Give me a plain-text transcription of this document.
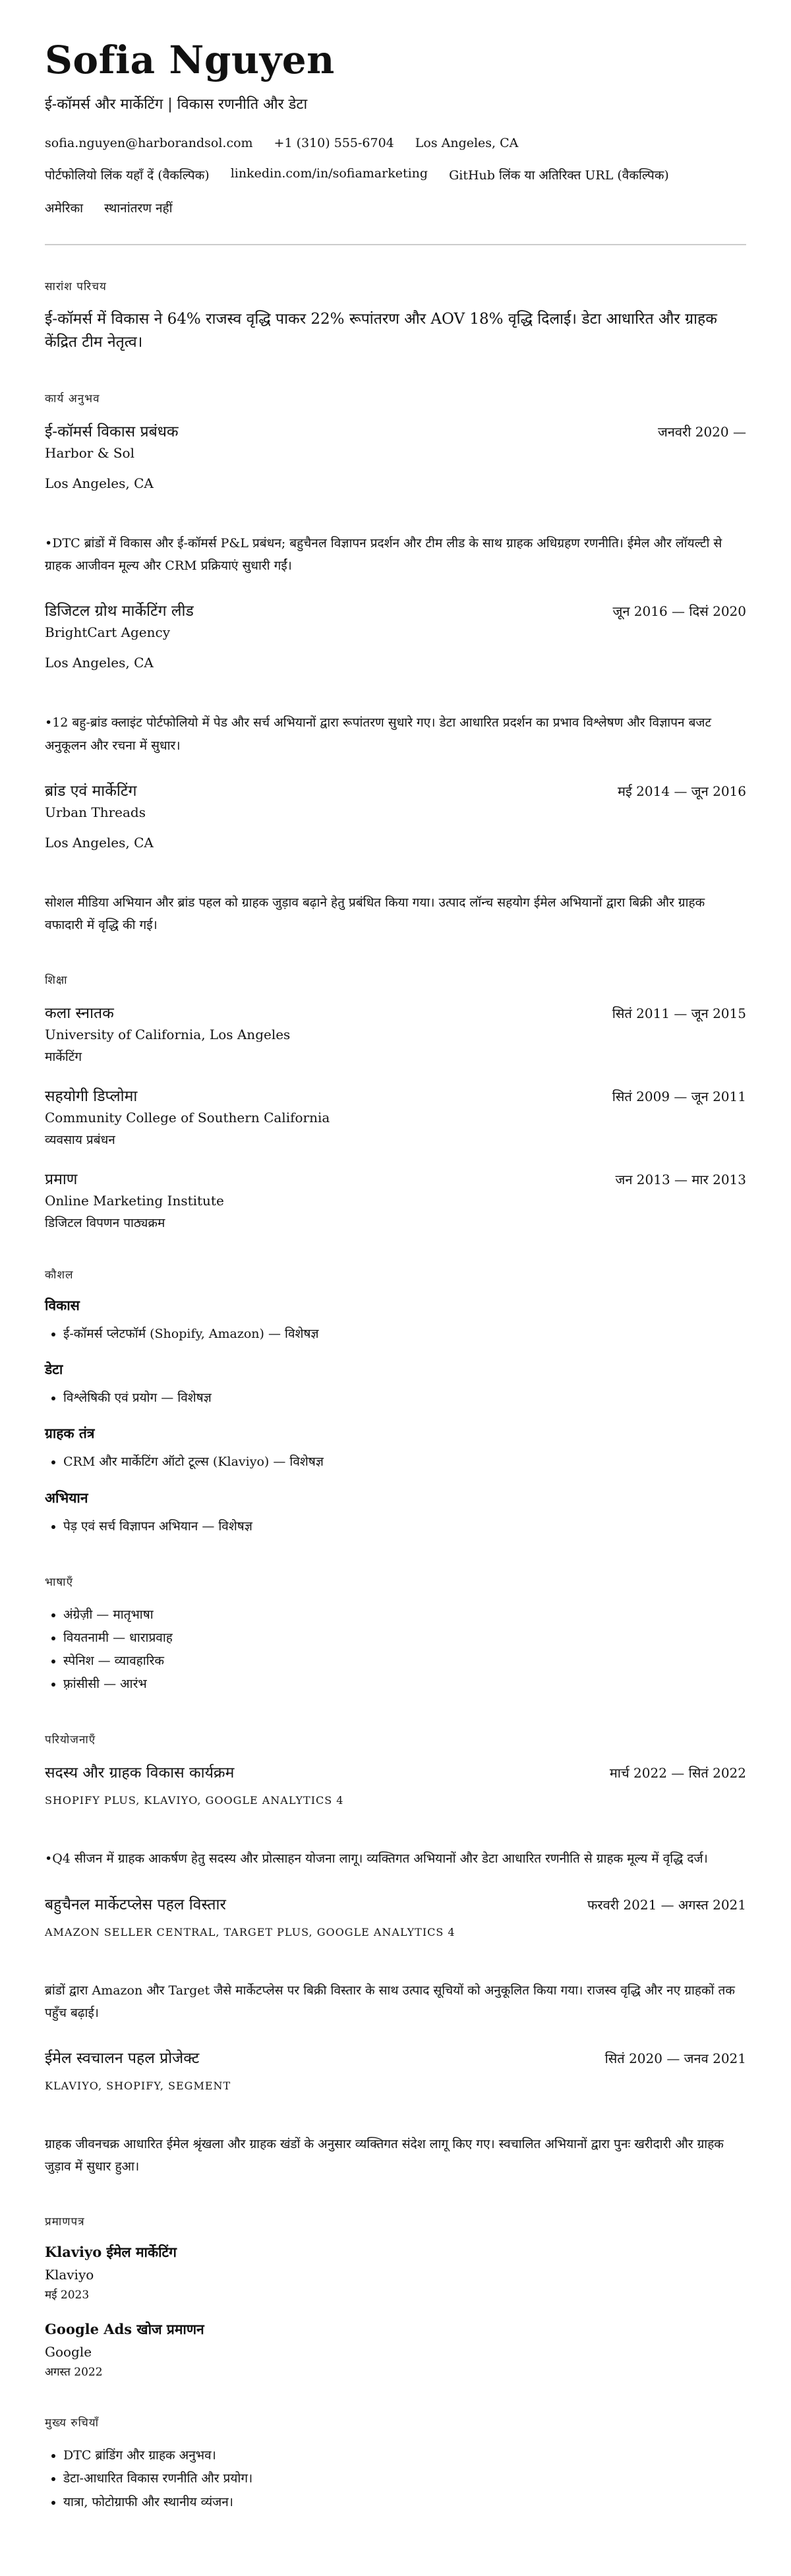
Sofia Nguyen
ई-कॉमर्स और मार्केटिंग | विकास रणनीति और डेटा
sofia.nguyen@harborandsol.com +1 (310) 555-6704 Los Angeles, CA
पोर्टफोलियो लिंक यहाँ दें (वैकल्पिक) linkedin.com/in/sofiamarketing GitHub लिंक या अतिरिक्त URL (वैकल्पिक)
अमेरिका स्थानांतरण नहीं
सारांश परिचय

ई-कॉमर्स में विकास ने 64% राजस्व वृद्धि पाकर 22% रूपांतरण और AOV 18% वृद्धि दिलाई। डेटा आधारित और ग्राहक केंद्रित टीम नेतृत्व।

कार्य अनुभव
ई-कॉमर्स विकास प्रबंधक	जनवरी 2020 —
Harbor & Sol
Los Angeles, CA
•DTC ब्रांडों में विकास और ई-कॉमर्स P&L प्रबंधन; बहुचैनल विज्ञापन प्रदर्शन और टीम लीड के साथ ग्राहक अधिग्रहण रणनीति। ईमेल और लॉयल्टी से ग्राहक आजीवन मूल्य और CRM प्रक्रियाएं सुधारी गईं।
डिजिटल ग्रोथ मार्केटिंग लीड	जून 2016 — दिसं 2020
BrightCart Agency
Los Angeles, CA
•12 बहु-ब्रांड क्लाइंट पोर्टफोलियो में पेड और सर्च अभियानों द्वारा रूपांतरण सुधारे गए। डेटा आधारित प्रदर्शन का प्रभाव विश्लेषण और विज्ञापन बजट अनुकूलन और रचना में सुधार।
ब्रांड एवं मार्केटिंग	मई 2014 — जून 2016
Urban Threads
Los Angeles, CA
सोशल मीडिया अभियान और ब्रांड पहल को ग्राहक जुड़ाव बढ़ाने हेतु प्रबंधित किया गया। उत्पाद लॉन्च सहयोग ईमेल अभियानों द्वारा बिक्री और ग्राहक वफादारी में वृद्धि की गई।
शिक्षा
कला स्नातक	सितं 2011 — जून 2015
University of California, Los Angeles
मार्केटिंग
सहयोगी डिप्लोमा	सितं 2009 — जून 2011
Community College of Southern California
व्यवसाय प्रबंधन
प्रमाण	जन 2013 — मार 2013
Online Marketing Institute
डिजिटल विपणन पाठ्यक्रम
कौशल
विकास
• ई-कॉमर्स प्लेटफॉर्म (Shopify, Amazon) — विशेषज्ञ
डेटा
• विश्लेषिकी एवं प्रयोग — विशेषज्ञ
ग्राहक तंत्र
• CRM और मार्केटिंग ऑटो टूल्स (Klaviyo) — विशेषज्ञ
अभियान
• पेड़ एवं सर्च विज्ञापन अभियान — विशेषज्ञ
भाषाएँ
• अंग्रेज़ी — मातृभाषा
• वियतनामी — धाराप्रवाह
• स्पेनिश — व्यावहारिक
• फ़्रांसीसी — आरंभ
परियोजनाएँ
सदस्य और ग्राहक विकास कार्यक्रम	मार्च 2022 — सितं 2022
SHOPIFY PLUS, KLAVIYO, GOOGLE ANALYTICS 4
•Q4 सीजन में ग्राहक आकर्षण हेतु सदस्य और प्रोत्साहन योजना लागू। व्यक्तिगत अभियानों और डेटा आधारित रणनीति से ग्राहक मूल्य में वृद्धि दर्ज।
बहुचैनल मार्केटप्लेस पहल विस्तार	फरवरी 2021 — अगस्त 2021
AMAZON SELLER CENTRAL, TARGET PLUS, GOOGLE ANALYTICS 4
ब्रांडों द्वारा Amazon और Target जैसे मार्केटप्लेस पर बिक्री विस्तार के साथ उत्पाद सूचियों को अनुकूलित किया गया। राजस्व वृद्धि और नए ग्राहकों तक पहुँच बढ़ाई।
ईमेल स्वचालन पहल प्रोजेक्ट	सितं 2020 — जनव 2021
KLAVIYO, SHOPIFY, SEGMENT
ग्राहक जीवनचक्र आधारित ईमेल श्रृंखला और ग्राहक खंडों के अनुसार व्यक्तिगत संदेश लागू किए गए। स्वचालित अभियानों द्वारा पुनः खरीदारी और ग्राहक जुड़ाव में सुधार हुआ।
प्रमाणपत्र
Klaviyo ईमेल मार्केटिंग
Klaviyo
मई 2023
Google Ads खोज प्रमाणन
Google
अगस्त 2022
मुख्य रुचियाँ
• DTC ब्रांडिंग और ग्राहक अनुभव।
• डेटा-आधारित विकास रणनीति और प्रयोग।
• यात्रा, फोटोग्राफी और स्थानीय व्यंजन।
